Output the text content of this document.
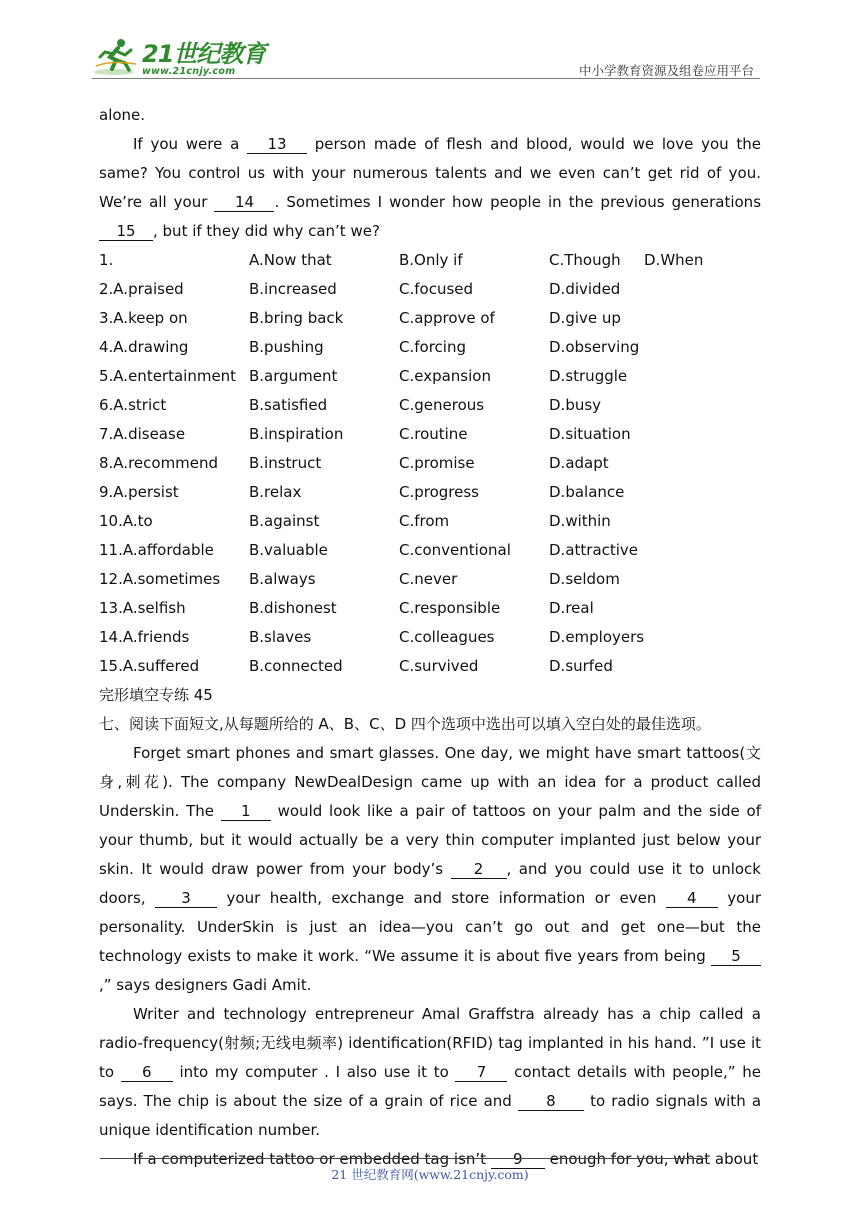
21世纪教育
www.21cnjy.com	中小学教育资源及组卷应用平台

alone.

If you were a 13 person made of flesh and blood, would we love you the same? You control us with your numerous talents and we even can’t get rid of you. We’re all your 14 . Sometimes I wonder how people in the previous generations 15 , but if they did why can’t we?

1.	A.Now that	B.Only if	C.Though	D.When
2.A.praised	B.increased	C.focused	D.divided
3.A.keep on	B.bring back	C.approve of	D.give up
4.A.drawing	B.pushing	C.forcing	D.observing
5.A.entertainment B.argument	C.expansion	D.struggle
6.A.strict	B.satisfied	C.generous	D.busy
7.A.disease	B.inspiration	C.routine	D.situation
8.A.recommend	B.instruct	C.promise	D.adapt
9.A.persist	B.relax	C.progress	D.balance
10.A.to	B.against	C.from	D.within
11.A.affordable	B.valuable	C.conventional	D.attractive
12.A.sometimes	B.always	C.never	D.seldom
13.A.selfish	B.dishonest	C.responsible	D.real
14.A.friends	B.slaves	C.colleagues	D.employers
15.A.suffered	B.connected	C.survived	D.surfed

完形填空专练 45

七、阅读下面短文,从每题所给的 A、B、C、D 四个选项中选出可以填入空白处的最佳选项。

Forget smart phones and smart glasses. One day, we might have smart tattoos(文身,刺花). The company NewDealDesign came up with an idea for a product called Underskin. The 1 would look like a pair of tattoos on your palm and the side of your thumb, but it would actually be a very thin computer implanted just below your skin. It would draw power from your body’s 2 , and you could use it to unlock doors, 3 your health, exchange and store information or even 4 your personality. UnderSkin is just an idea—you can’t go out and get one—but the technology exists to make it work. “We assume it is about five years from being 5,” says designers Gadi Amit.

Writer and technology entrepreneur Amal Graffstra already has a chip called a radio-frequency(射频;无线电频率) identification(RFID) tag implanted in his hand. ”I use it to 6 into my computer . I also use it to 7 contact details with people,” he says. The chip is about the size of a grain of rice and 8 to radio signals with a unique identification number.

If a computerized tattoo or embedded tag isn’t 9 enough for you, what about

21 世纪教育网(www.21cnjy.com)
